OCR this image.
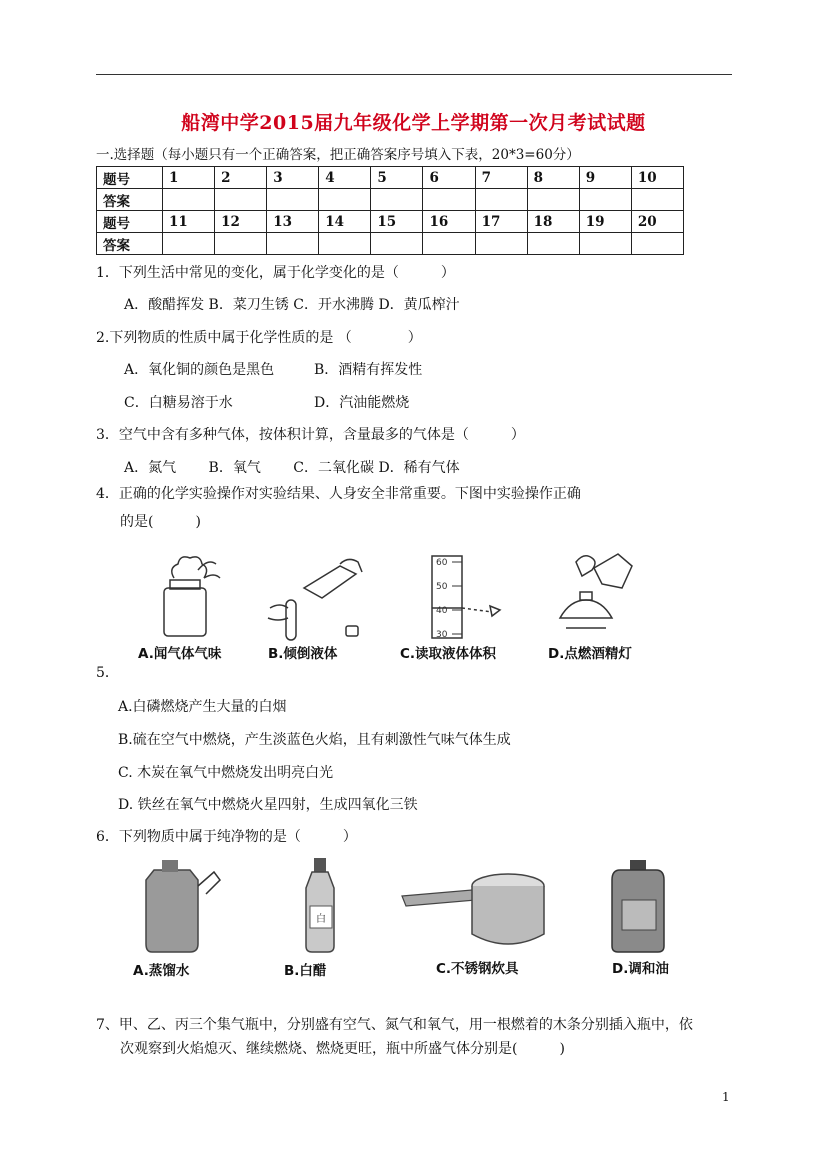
船湾中学2015届九年级化学上学期第一次月考试试题
一.选择题（每小题只有一个正确答案，把正确答案序号填入下表，20*3=60分）
题号	1	2	3	4	5	6	7	8	9	10
答案										
题号	11	12	13	14	15	16	17	18	19	20
答案										
1．下列生活中常见的变化，属于化学变化的是（　　　）
A．酸醋挥发 B．菜刀生锈 C．开水沸腾 D．黄瓜榨汁
2.下列物质的性质中属于化学性质的是 （　　　　）
A．氧化铜的颜色是黑色	B．酒精有挥发性
C．白糖易溶于水	D．汽油能燃烧
3．空气中含有多种气体，按体积计算，含量最多的气体是（　　　）
A．氮气　　 B．氧气　　 C．二氧化碳 D．稀有气体
4．正确的化学实验操作对实验结果、人身安全非常重要。下图中实验操作正确
的是(　　　)
60
50
40
30
A.闻气体气味	B.倾倒液体	C.读取液体体积	D.点燃酒精灯
5．
A.白磷燃烧产生大量的白烟
B.硫在空气中燃烧，产生淡蓝色火焰，且有刺激性气味气体生成
C. 木炭在氧气中燃烧发出明亮白光
D. 铁丝在氧气中燃烧火星四射，生成四氧化三铁
6．下列物质中属于纯净物的是（　　　）
白
A.蒸馏水	B.白醋	C.不锈钢炊具	D.调和油
7、甲、乙、丙三个集气瓶中，分别盛有空气、氮气和氧气，用一根燃着的木条分别插入瓶中，依
次观察到火焰熄灭、继续燃烧、燃烧更旺，瓶中所盛气体分别是(　　　)
1
